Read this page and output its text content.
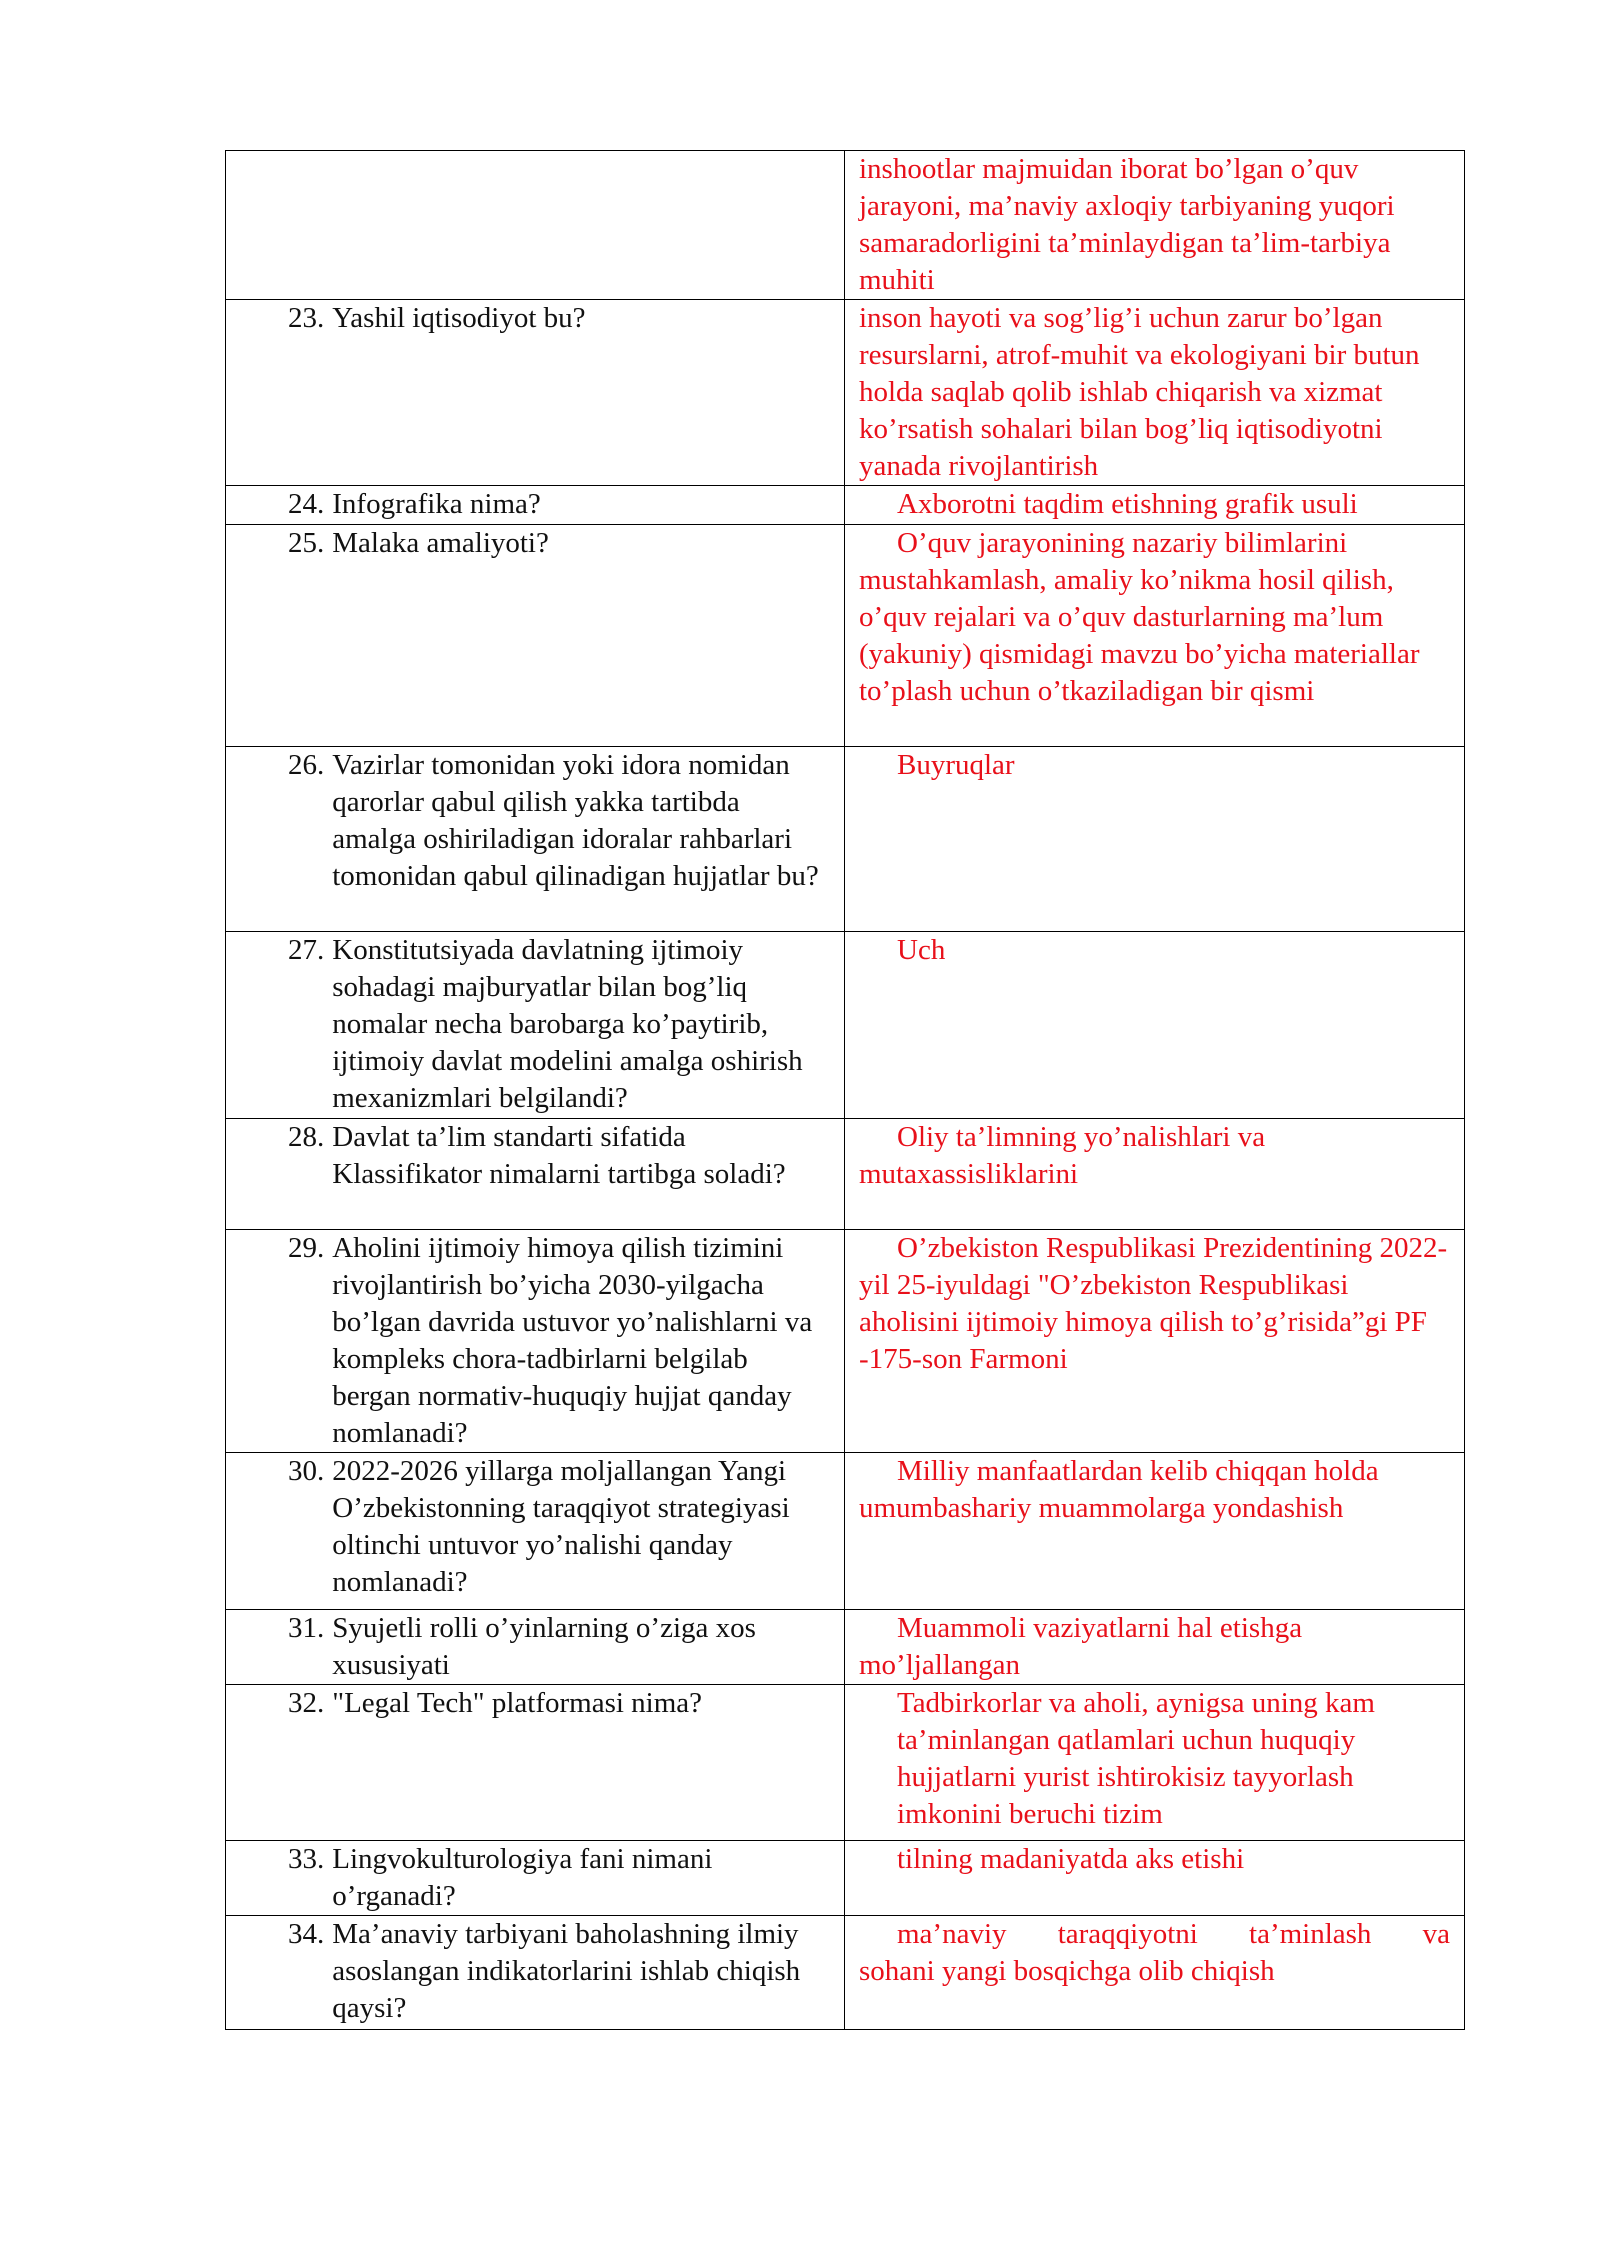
	inshootlar majmuidan iborat bo’lgan o’quv jarayoni, ma’naviy axloqiy tarbiyaning yuqori samaradorligini ta’minlaydigan ta’lim-tarbiya muhiti

23. Yashil iqtisodiyot bu?	inson hayoti va sog’lig’i uchun zarur bo’lgan resurslarni, atrof-muhit va ekologiyani bir butun holda saqlab qolib ishlab chiqarish va xizmat ko’rsatish sohalari bilan bog’liq iqtisodiyotni yanada rivojlantirish

24. Infografika nima?	Axborotni taqdim etishning grafik usuli

25. Malaka amaliyoti?	O’quv jarayonining nazariy bilimlarini mustahkamlash, amaliy ko’nikma hosil qilish, o’quv rejalari va o’quv dasturlarning ma’lum (yakuniy) qismidagi mavzu bo’yicha materiallar to’plash uchun o’tkaziladigan bir qismi

26. Vazirlar tomonidan yoki idora nomidan qarorlar qabul qilish yakka tartibda amalga oshiriladigan idoralar rahbarlari tomonidan qabul qilinadigan hujjatlar bu?	Buyruqlar

27. Konstitutsiyada davlatning ijtimoiy sohadagi majburyatlar bilan bog’liq nomalar necha barobarga ko’paytirib, ijtimoiy davlat modelini amalga oshirish mexanizmlari belgilandi?	Uch

28. Davlat ta’lim standarti sifatida Klassifikator nimalarni tartibga soladi?	Oliy ta’limning yo’nalishlari va mutaxassisliklarini

29. Aholini ijtimoiy himoya qilish tizimini rivojlantirish bo’yicha 2030-yilgacha bo’lgan davrida ustuvor yo’nalishlarni va kompleks chora-tadbirlarni belgilab bergan normativ-huquqiy hujjat qanday nomlanadi?	O’zbekiston Respublikasi Prezidentining 2022-yil 25-iyuldagi "O’zbekiston Respublikasi aholisini ijtimoiy himoya qilish to’g’risida”gi PF -175-son Farmoni

30. 2022-2026 yillarga moljallangan Yangi O’zbekistonning taraqqiyot strategiyasi oltinchi untuvor yo’nalishi qanday nomlanadi?	Milliy manfaatlardan kelib chiqqan holda umumbashariy muammolarga yondashish

31. Syujetli rolli o’yinlarning o’ziga xos xususiyati	Muammoli vaziyatlarni hal etishga mo’ljallangan

32. "Legal Tech" platformasi nima?	Tadbirkorlar va aholi, aynigsa uning kam ta’minlangan qatlamlari uchun huquqiy hujjatlarni yurist ishtirokisiz tayyorlash imkonini beruchi tizim

33. Lingvokulturologiya fani nimani o’rganadi?	tilning madaniyatda aks etishi

34. Ma’anaviy tarbiyani baholashning ilmiy asoslangan indikatorlarini ishlab chiqish qaysi?	ma’naviy taraqqiyotni ta’minlash va
sohani yangi bosqichga olib chiqish
